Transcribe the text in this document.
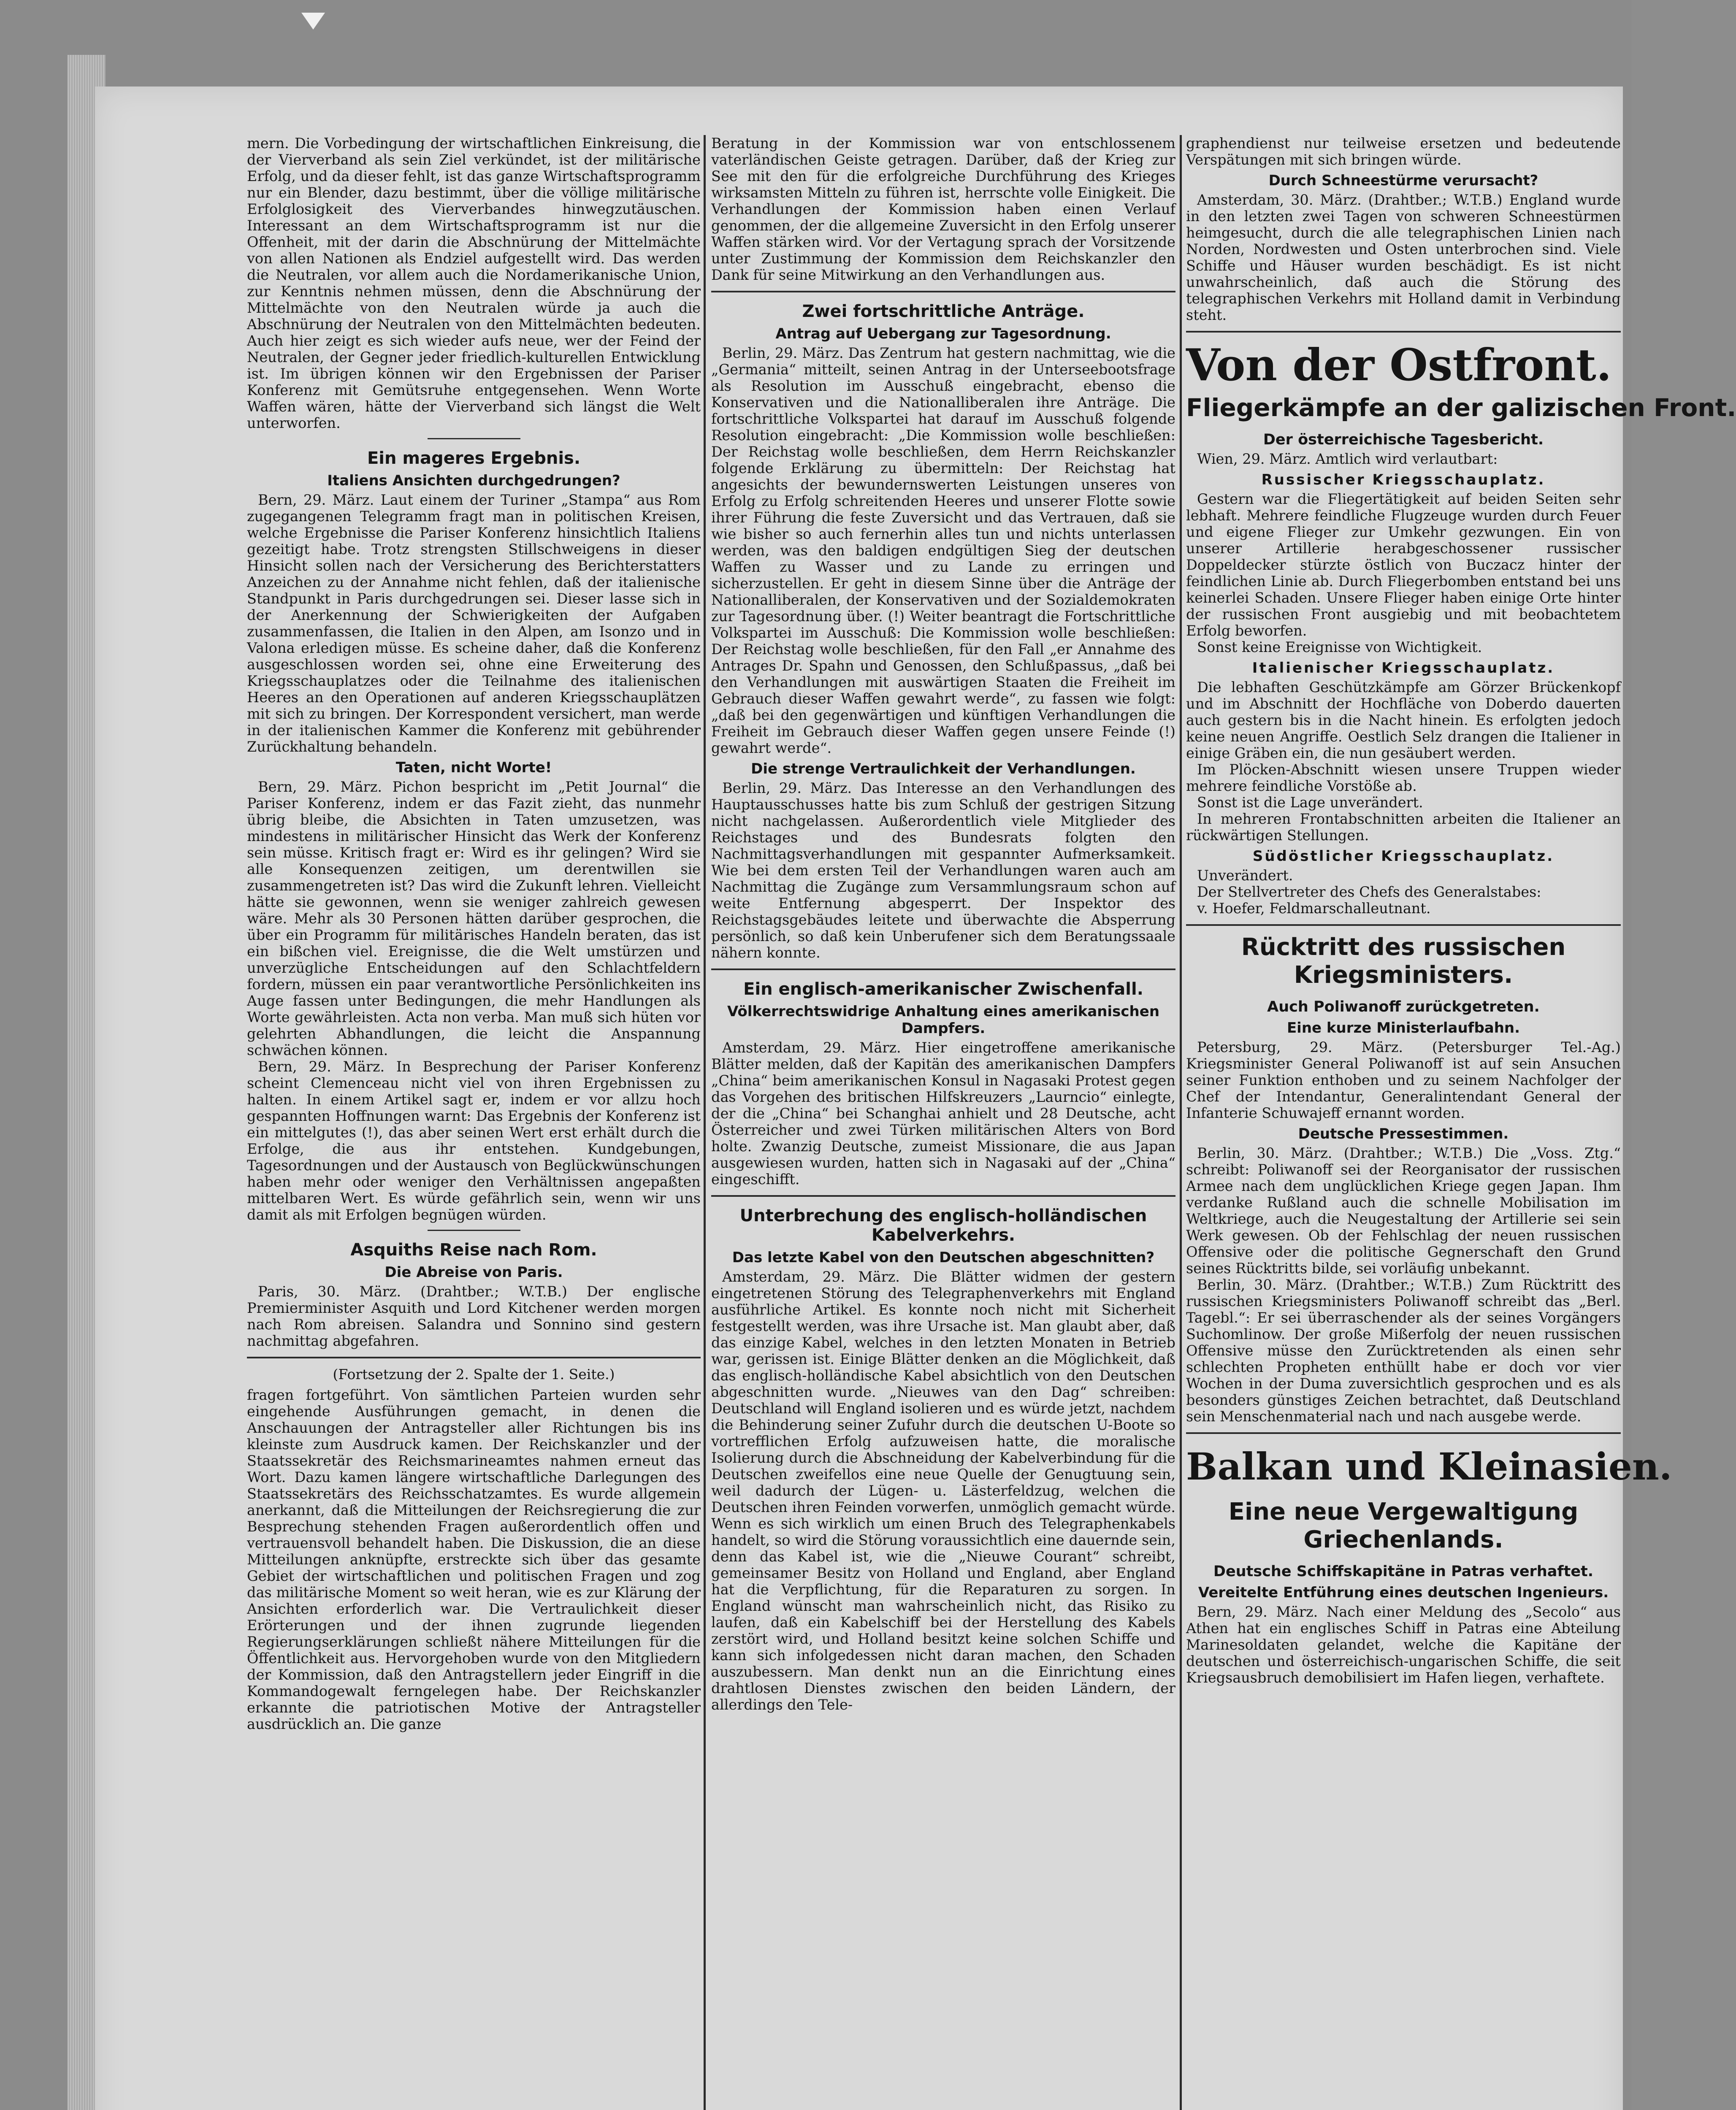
mern. Die Vorbedingung der wirtschaftlichen Einkreisung, die der Vierverband als sein Ziel verkündet, ist der militärische Erfolg, und da dieser fehlt, ist das ganze Wirtschaftsprogramm nur ein Blender, dazu bestimmt, über die völlige militärische Erfolglosigkeit des Vierverbandes hinwegzutäuschen. Interessant an dem Wirtschaftsprogramm ist nur die Offenheit, mit der darin die Abschnürung der Mittelmächte von allen Nationen als Endziel aufgestellt wird. Das werden die Neutralen, vor allem auch die Nordamerikanische Union, zur Kenntnis nehmen müssen, denn die Abschnürung der Mittelmächte von den Neutralen würde ja auch die Abschnürung der Neutralen von den Mittelmächten bedeuten. Auch hier zeigt es sich wieder aufs neue, wer der Feind der Neutralen, der Gegner jeder friedlich-kulturellen Entwicklung ist. Im übrigen können wir den Ergebnissen der Pariser Konferenz mit Gemütsruhe entgegensehen. Wenn Worte Waffen wären, hätte der Vierverband sich längst die Welt unterworfen.

Ein mageres Ergebnis.
Italiens Ansichten durchgedrungen?

Bern, 29. März. Laut einem der Turiner „Stampa“ aus Rom zugegangenen Telegramm fragt man in politischen Kreisen, welche Ergebnisse die Pariser Konferenz hinsichtlich Italiens gezeitigt habe. Trotz strengsten Stillschweigens in dieser Hinsicht sollen nach der Versicherung des Berichterstatters Anzeichen zu der Annahme nicht fehlen, daß der italienische Standpunkt in Paris durchgedrungen sei. Dieser lasse sich in der Anerkennung der Schwierigkeiten der Aufgaben zusammenfassen, die Italien in den Alpen, am Isonzo und in Valona erledigen müsse. Es scheine daher, daß die Konferenz ausgeschlossen worden sei, ohne eine Erweiterung des Kriegsschauplatzes oder die Teilnahme des italienischen Heeres an den Operationen auf anderen Kriegsschauplätzen mit sich zu bringen. Der Korrespondent versichert, man werde in der italienischen Kammer die Konferenz mit gebührender Zurückhaltung behandeln.

Taten, nicht Worte!

Bern, 29. März. Pichon bespricht im „Petit Journal“ die Pariser Konferenz, indem er das Fazit zieht, das nunmehr übrig bleibe, die Absichten in Taten umzusetzen, was mindestens in militärischer Hinsicht das Werk der Konferenz sein müsse. Kritisch fragt er: Wird es ihr gelingen? Wird sie alle Konsequenzen zeitigen, um derentwillen sie zusammengetreten ist? Das wird die Zukunft lehren. Vielleicht hätte sie gewonnen, wenn sie weniger zahlreich gewesen wäre. Mehr als 30 Personen hätten darüber gesprochen, die über ein Programm für militärisches Handeln beraten, das ist ein bißchen viel. Ereignisse, die die Welt umstürzen und unverzügliche Entscheidungen auf den Schlachtfeldern fordern, müssen ein paar verantwortliche Persönlichkeiten ins Auge fassen unter Bedingungen, die mehr Handlungen als Worte gewährleisten. Acta non verba. Man muß sich hüten vor gelehrten Abhandlungen, die leicht die Anspannung schwächen können.

Bern, 29. März. In Besprechung der Pariser Konferenz scheint Clemenceau nicht viel von ihren Ergebnissen zu halten. In einem Artikel sagt er, indem er vor allzu hoch gespannten Hoffnungen warnt: Das Ergebnis der Konferenz ist ein mittelgutes (!), das aber seinen Wert erst erhält durch die Erfolge, die aus ihr entstehen. Kundgebungen, Tagesordnungen und der Austausch von Beglückwünschungen haben mehr oder weniger den Verhältnissen angepaßten mittelbaren Wert. Es würde gefährlich sein, wenn wir uns damit als mit Erfolgen begnügen würden.

Asquiths Reise nach Rom.
Die Abreise von Paris.

Paris, 30. März. (Drahtber.; W.T.B.) Der englische Premierminister Asquith und Lord Kitchener werden morgen nach Rom abreisen. Salandra und Sonnino sind gestern nachmittag abgefahren.

(Fortsetzung der 2. Spalte der 1. Seite.)

fragen fortgeführt. Von sämtlichen Parteien wurden sehr eingehende Ausführungen gemacht, in denen die Anschauungen der Antragsteller aller Richtungen bis ins kleinste zum Ausdruck kamen. Der Reichskanzler und der Staatssekretär des Reichsmarineamtes nahmen erneut das Wort. Dazu kamen längere wirtschaftliche Darlegungen des Staatssekretärs des Reichsschatzamtes. Es wurde allgemein anerkannt, daß die Mitteilungen der Reichsregierung die zur Besprechung stehenden Fragen außerordentlich offen und vertrauensvoll behandelt haben. Die Diskussion, die an diese Mitteilungen anknüpfte, erstreckte sich über das gesamte Gebiet der wirtschaftlichen und politischen Fragen und zog das militärische Moment so weit heran, wie es zur Klärung der Ansichten erforderlich war. Die Vertraulichkeit dieser Erörterungen und der ihnen zugrunde liegenden Regierungserklärungen schließt nähere Mitteilungen für die Öffentlichkeit aus. Hervorgehoben wurde von den Mitgliedern der Kommission, daß den Antragstellern jeder Eingriff in die Kommandogewalt ferngelegen habe. Der Reichskanzler erkannte die patriotischen Motive der Antragsteller ausdrücklich an. Die ganze

Beratung in der Kommission war von entschlossenem vaterländischen Geiste getragen. Darüber, daß der Krieg zur See mit den für die erfolgreiche Durchführung des Krieges wirksamsten Mitteln zu führen ist, herrschte volle Einigkeit. Die Verhandlungen der Kommission haben einen Verlauf genommen, der die allgemeine Zuversicht in den Erfolg unserer Waffen stärken wird. Vor der Vertagung sprach der Vorsitzende unter Zustimmung der Kommission dem Reichskanzler den Dank für seine Mitwirkung an den Verhandlungen aus.

Zwei fortschrittliche Anträge.
Antrag auf Uebergang zur Tagesordnung.

Berlin, 29. März. Das Zentrum hat gestern nachmittag, wie die „Germania“ mitteilt, seinen Antrag in der Unterseebootsfrage als Resolution im Ausschuß eingebracht, ebenso die Konservativen und die Nationalliberalen ihre Anträge. Die fortschrittliche Volkspartei hat darauf im Ausschuß folgende Resolution eingebracht: „Die Kommission wolle beschließen: Der Reichstag wolle beschließen, dem Herrn Reichskanzler folgende Erklärung zu übermitteln: Der Reichstag hat angesichts der bewundernswerten Leistungen unseres von Erfolg zu Erfolg schreitenden Heeres und unserer Flotte sowie ihrer Führung die feste Zuversicht und das Vertrauen, daß sie wie bisher so auch fernerhin alles tun und nichts unterlassen werden, was den baldigen endgültigen Sieg der deutschen Waffen zu Wasser und zu Lande zu erringen und sicherzustellen. Er geht in diesem Sinne über die Anträge der Nationalliberalen, der Konservativen und der Sozialdemokraten zur Tagesordnung über. (!) Weiter beantragt die Fortschrittliche Volkspartei im Ausschuß: Die Kommission wolle beschließen: Der Reichstag wolle beschließen, für den Fall „er Annahme des Antrages Dr. Spahn und Genossen, den Schlußpassus, „daß bei den Verhandlungen mit auswärtigen Staaten die Freiheit im Gebrauch dieser Waffen gewahrt werde“, zu fassen wie folgt: „daß bei den gegenwärtigen und künftigen Verhandlungen die Freiheit im Gebrauch dieser Waffen gegen unsere Feinde (!) gewahrt werde“.

Die strenge Vertraulichkeit der Verhandlungen.

Berlin, 29. März. Das Interesse an den Verhandlungen des Hauptausschusses hatte bis zum Schluß der gestrigen Sitzung nicht nachgelassen. Außerordentlich viele Mitglieder des Reichstages und des Bundesrats folgten den Nachmittagsverhandlungen mit gespannter Aufmerksamkeit. Wie bei dem ersten Teil der Verhandlungen waren auch am Nachmittag die Zugänge zum Versammlungsraum schon auf weite Entfernung abgesperrt. Der Inspektor des Reichstagsgebäudes leitete und überwachte die Absperrung persönlich, so daß kein Unberufener sich dem Beratungssaale nähern konnte.

Ein englisch-amerikanischer Zwischenfall.
Völkerrechtswidrige Anhaltung eines amerikanischen Dampfers.

Amsterdam, 29. März. Hier eingetroffene amerikanische Blätter melden, daß der Kapitän des amerikanischen Dampfers „China“ beim amerikanischen Konsul in Nagasaki Protest gegen das Vorgehen des britischen Hilfskreuzers „Laurncio“ einlegte, der die „China“ bei Schanghai anhielt und 28 Deutsche, acht Österreicher und zwei Türken militärischen Alters von Bord holte. Zwanzig Deutsche, zumeist Missionare, die aus Japan ausgewiesen wurden, hatten sich in Nagasaki auf der „China“ eingeschifft.

Unterbrechung des englisch-holländischen Kabelverkehrs.
Das letzte Kabel von den Deutschen abgeschnitten?

Amsterdam, 29. März. Die Blätter widmen der gestern eingetretenen Störung des Telegraphenverkehrs mit England ausführliche Artikel. Es konnte noch nicht mit Sicherheit festgestellt werden, was ihre Ursache ist. Man glaubt aber, daß das einzige Kabel, welches in den letzten Monaten in Betrieb war, gerissen ist. Einige Blätter denken an die Möglichkeit, daß das englisch-holländische Kabel absichtlich von den Deutschen abgeschnitten wurde. „Nieuwes van den Dag“ schreiben: Deutschland will England isolieren und es würde jetzt, nachdem die Behinderung seiner Zufuhr durch die deutschen U-Boote so vortrefflichen Erfolg aufzuweisen hatte, die moralische Isolierung durch die Abschneidung der Kabelverbindung für die Deutschen zweifellos eine neue Quelle der Genugtuung sein, weil dadurch der Lügen- u. Lästerfeldzug, welchen die Deutschen ihren Feinden vorwerfen, unmöglich gemacht würde. Wenn es sich wirklich um einen Bruch des Telegraphenkabels handelt, so wird die Störung voraussichtlich eine dauernde sein, denn das Kabel ist, wie die „Nieuwe Courant“ schreibt, gemeinsamer Besitz von Holland und England, aber England hat die Verpflichtung, für die Reparaturen zu sorgen. In England wünscht man wahrscheinlich nicht, das Risiko zu laufen, daß ein Kabelschiff bei der Herstellung des Kabels zerstört wird, und Holland besitzt keine solchen Schiffe und kann sich infolgedessen nicht daran machen, den Schaden auszubessern. Man denkt nun an die Einrichtung eines drahtlosen Dienstes zwischen den beiden Ländern, der allerdings den Tele-

graphendienst nur teilweise ersetzen und bedeutende Verspätungen mit sich bringen würde.

Durch Schneestürme verursacht?

Amsterdam, 30. März. (Drahtber.; W.T.B.) England wurde in den letzten zwei Tagen von schweren Schneestürmen heimgesucht, durch die alle telegraphischen Linien nach Norden, Nordwesten und Osten unterbrochen sind. Viele Schiffe und Häuser wurden beschädigt. Es ist nicht unwahrscheinlich, daß auch die Störung des telegraphischen Verkehrs mit Holland damit in Verbindung steht.

Von der Ostfront.
Fliegerkämpfe an der galizischen Front.
Der österreichische Tagesbericht.

Wien, 29. März. Amtlich wird verlautbart:

Russischer Kriegsschauplatz.

Gestern war die Fliegertätigkeit auf beiden Seiten sehr lebhaft. Mehrere feindliche Flugzeuge wurden durch Feuer und eigene Flieger zur Umkehr gezwungen. Ein von unserer Artillerie herabgeschossener russischer Doppeldecker stürzte östlich von Buczacz hinter der feindlichen Linie ab. Durch Fliegerbomben entstand bei uns keinerlei Schaden. Unsere Flieger haben einige Orte hinter der russischen Front ausgiebig und mit beobachtetem Erfolg beworfen.

Sonst keine Ereignisse von Wichtigkeit.

Italienischer Kriegsschauplatz.

Die lebhaften Geschützkämpfe am Görzer Brückenkopf und im Abschnitt der Hochfläche von Doberdo dauerten auch gestern bis in die Nacht hinein. Es erfolgten jedoch keine neuen Angriffe. Oestlich Selz drangen die Italiener in einige Gräben ein, die nun gesäubert werden.

Im Plöcken-Abschnitt wiesen unsere Truppen wieder mehrere feindliche Vorstöße ab.

Sonst ist die Lage unverändert.

In mehreren Frontabschnitten arbeiten die Italiener an rückwärtigen Stellungen.

Südöstlicher Kriegsschauplatz.

Unverändert.

Der Stellvertreter des Chefs des Generalstabes:

v. Hoefer, Feldmarschalleutnant.

Rücktritt des russischen Kriegsministers.
Auch Poliwanoff zurückgetreten.
Eine kurze Ministerlaufbahn.

Petersburg, 29. März. (Petersburger Tel.-Ag.) Kriegsminister General Poliwanoff ist auf sein Ansuchen seiner Funktion enthoben und zu seinem Nachfolger der Chef der Intendantur, Generalintendant General der Infanterie Schuwajeff ernannt worden.

Deutsche Pressestimmen.

Berlin, 30. März. (Drahtber.; W.T.B.) Die „Voss. Ztg.“ schreibt: Poliwanoff sei der Reorganisator der russischen Armee nach dem unglücklichen Kriege gegen Japan. Ihm verdanke Rußland auch die schnelle Mobilisation im Weltkriege, auch die Neugestaltung der Artillerie sei sein Werk gewesen. Ob der Fehlschlag der neuen russischen Offensive oder die politische Gegnerschaft den Grund seines Rücktritts bilde, sei vorläufig unbekannt.

Berlin, 30. März. (Drahtber.; W.T.B.) Zum Rücktritt des russischen Kriegsministers Poliwanoff schreibt das „Berl. Tagebl.“: Er sei überraschender als der seines Vorgängers Suchomlinow. Der große Mißerfolg der neuen russischen Offensive müsse den Zurücktretenden als einen sehr schlechten Propheten enthüllt habe er doch vor vier Wochen in der Duma zuversichtlich gesprochen und es als besonders günstiges Zeichen betrachtet, daß Deutschland sein Menschenmaterial nach und nach ausgebe werde.

Balkan und Kleinasien.
Eine neue Vergewaltigung Griechenlands.
Deutsche Schiffskapitäne in Patras verhaftet.
Vereitelte Entführung eines deutschen Ingenieurs.

Bern, 29. März. Nach einer Meldung des „Secolo“ aus Athen hat ein englisches Schiff in Patras eine Abteilung Marinesoldaten gelandet, welche die Kapitäne der deutschen und österreichisch-ungarischen Schiffe, die seit Kriegsausbruch demobilisiert im Hafen liegen, verhaftete.
